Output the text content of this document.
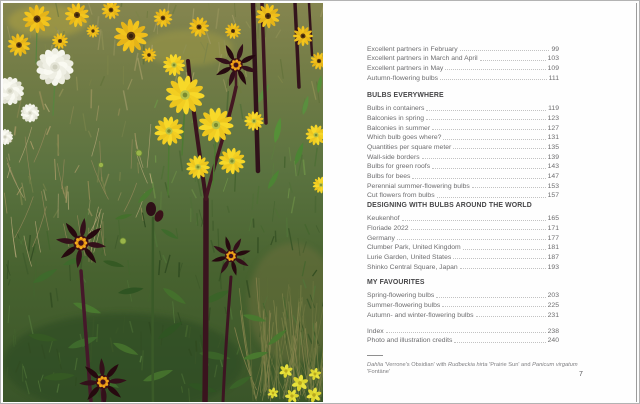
Excellent partners in February	99
Excellent partners in March and April	103
Excellent partners in May	109
Autumn-flowering bulbs	111
BULBS EVERYWHERE
Bulbs in containers	119
Balconies in spring	123
Balconies in summer	127
Which bulb goes where?	131
Quantities per square meter	135
Wall-side borders	139
Bulbs for green roofs	143
Bulbs for bees	147
Perennial summer-flowering bulbs	153
Cut flowers from bulbs	157
DESIGNING WITH BULBS AROUND THE WORLD
Keukenhof	165
Floriade 2022	171
Germany	177
Clumber Park, United Kingdom	181
Lurie Garden, United States	187
Shinko Central Square, Japan	193
MY FAVOURITES
Spring-flowering bulbs	203
Summer-flowering bulbs	225
Autumn- and winter-flowering bulbs	231
Index	238
Photo and illustration credits	240
Dahlia 'Verrone's Obsidian' with Rudbeckia hirta 'Prairie Sun' and Panicum virgatum 'Fontäne'	7
